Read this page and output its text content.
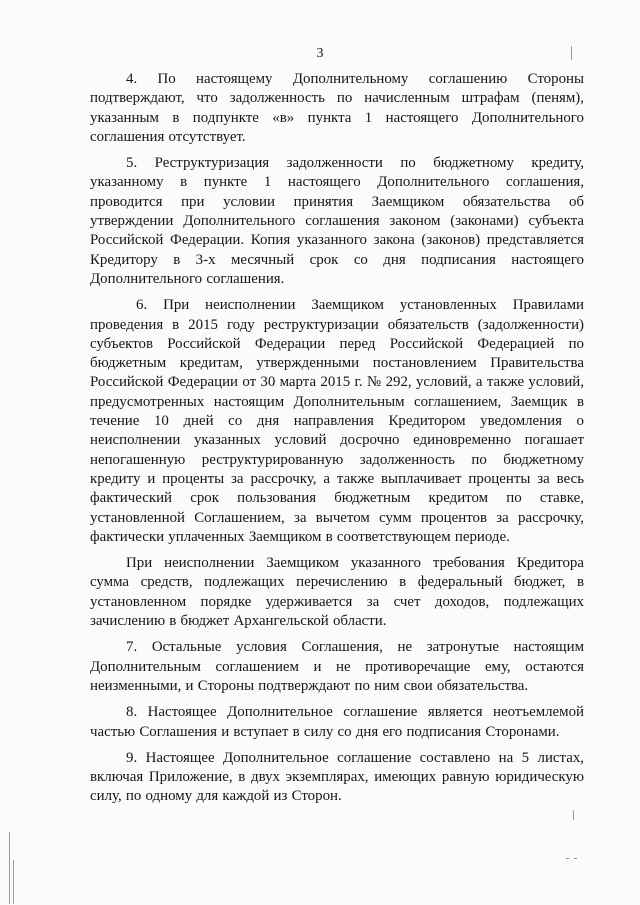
3

4. По настоящему Дополнительному соглашению Стороны подтверждают, что задолженность по начисленным штрафам (пеням), указанным в подпункте «в» пункта 1 настоящего Дополнительного соглашения отсутствует.

5. Реструктуризация задолженности по бюджетному кредиту, указанному в пункте 1 настоящего Дополнительного соглашения, проводится при условии принятия Заемщиком обязательства об утверждении Дополнительного соглашения законом (законами) субъекта Российской Федерации. Копия указанного закона (законов) представляется Кредитору в 3-х месячный срок со дня подписания настоящего Дополнительного соглашения.

6. При неисполнении Заемщиком установленных Правилами проведения в 2015 году реструктуризации обязательств (задолженности) субъектов Российской Федерации перед Российской Федерацией по бюджетным кредитам, утвержденными постановлением Правительства Российской Федерации от 30 марта 2015 г. № 292, условий, а также условий, предусмотренных настоящим Дополнительным соглашением, Заемщик в течение 10 дней со дня направления Кредитором уведомления о неисполнении указанных условий досрочно единовременно погашает непогашенную реструктурированную задолженность по бюджетному кредиту и проценты за рассрочку, а также выплачивает проценты за весь фактический срок пользования бюджетным кредитом по ставке, установленной Соглашением, за вычетом сумм процентов за рассрочку, фактически уплаченных Заемщиком в соответствующем периоде.

При неисполнении Заемщиком указанного требования Кредитора сумма средств, подлежащих перечислению в федеральный бюджет, в установленном порядке удерживается за счет доходов, подлежащих зачислению в бюджет Архангельской области.

7. Остальные условия Соглашения, не затронутые настоящим Дополнительным соглашением и не противоречащие ему, остаются неизменными, и Стороны подтверждают по ним свои обязательства.

8. Настоящее Дополнительное соглашение является неотъемлемой частью Соглашения и вступает в силу со дня его подписания Сторонами.

9. Настоящее Дополнительное соглашение составлено на 5 листах, включая Приложение, в двух экземплярах, имеющих равную юридическую силу, по одному для каждой из Сторон.
